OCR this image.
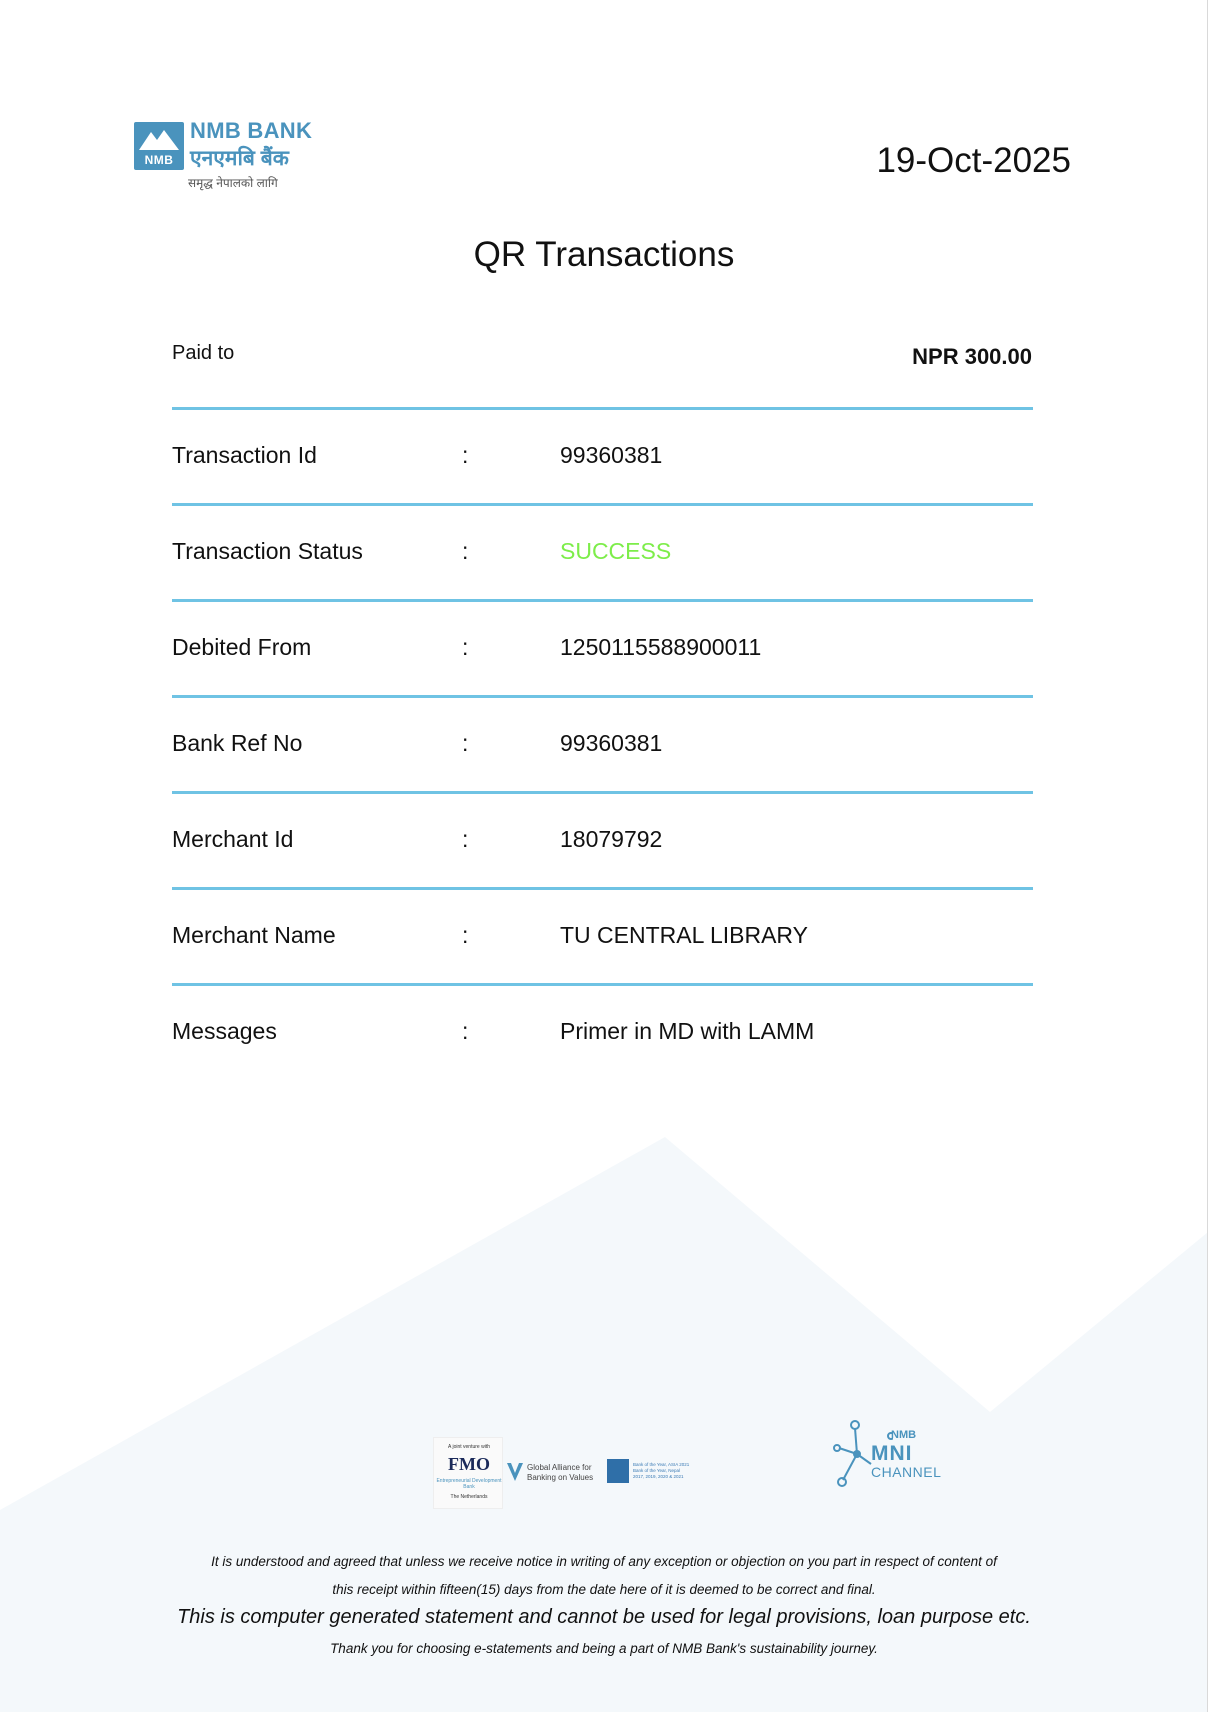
NMB
NMB BANK
एनएमबि बैंक
समृद्ध नेपालको लागि
19-Oct-2025
QR Transactions
Paid to	NPR 300.00
Transaction Id	:	99360381
Transaction Status	:	SUCCESS
Debited From	:	1250115588900011
Bank Ref No	:	99360381
Merchant Id	:	18079792
Merchant Name	:	TU CENTRAL LIBRARY
Messages	:	Primer in MD with LAMM
A joint venture with
FMO
Entrepreneurial Development Bank
The Netherlands
Global Alliance for
Banking on Values
Bank of the Year, ASIA 2021
Bank of the Year, Nepal
2017, 2019, 2020 & 2021
NMB
MNI
CHANNEL
It is understood and agreed that unless we receive notice in writing of any exception or objection on you part in respect of content of
this receipt within fifteen(15) days from the date here of it is deemed to be correct and final.
This is computer generated statement and cannot be used for legal provisions, loan purpose etc.
Thank you for choosing e-statements and being a part of NMB Bank's sustainability journey.
